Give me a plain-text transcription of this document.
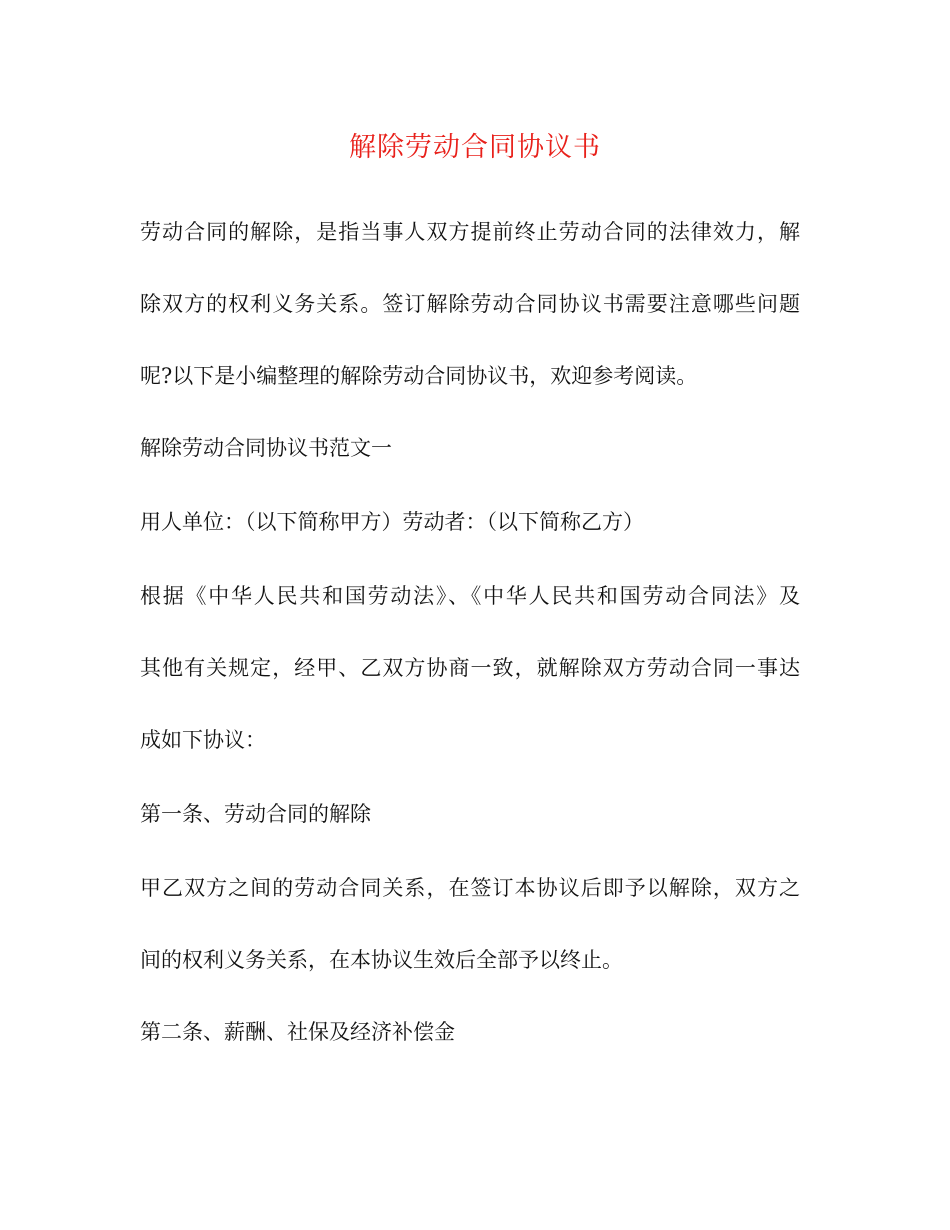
解除劳动合同协议书
劳动合同的解除，是指当事人双方提前终止劳动合同的法律效力，解
除双方的权利义务关系。签订解除劳动合同协议书需要注意哪些问题
呢?以下是小编整理的解除劳动合同协议书，欢迎参考阅读。
解除劳动合同协议书范文一
用人单位：（以下简称甲方）劳动者：（以下简称乙方）
根据《中华人民共和国劳动法》、《中华人民共和国劳动合同法》及
其他有关规定，经甲、乙双方协商一致，就解除双方劳动合同一事达
成如下协议：
第一条、劳动合同的解除
甲乙双方之间的劳动合同关系，在签订本协议后即予以解除，双方之
间的权利义务关系，在本协议生效后全部予以终止。
第二条、薪酬、社保及经济补偿金
